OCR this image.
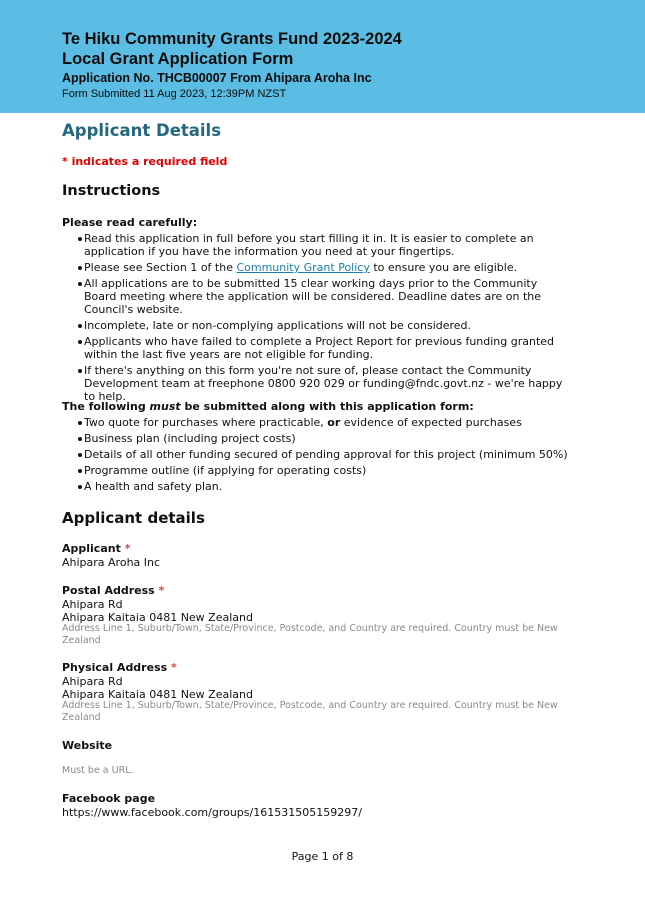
Te Hiku Community Grants Fund 2023-2024
Local Grant Application Form
Application No. THCB00007 From Ahipara Aroha Inc
Form Submitted 11 Aug 2023, 12:39PM NZST
Applicant Details
* indicates a required field
Instructions
Please read carefully:
Read this application in full before you start filling it in. It is easier to complete an application if you have the information you need at your fingertips.
Please see Section 1 of the Community Grant Policy to ensure you are eligible.
All applications are to be submitted 15 clear working days prior to the Community Board meeting where the application will be considered. Deadline dates are on the Council's website.
Incomplete, late or non-complying applications will not be considered.
Applicants who have failed to complete a Project Report for previous funding granted within the last five years are not eligible for funding.
If there's anything on this form you're not sure of, please contact the Community Development team at freephone 0800 920 029 or funding@fndc.govt.nz - we're happy to help.
The following must be submitted along with this application form:
Two quote for purchases where practicable, or evidence of expected purchases
Business plan (including project costs)
Details of all other funding secured of pending approval for this project (minimum 50%)
Programme outline (if applying for operating costs)
A health and safety plan.
Applicant details
Applicant *
Ahipara Aroha Inc
Postal Address *
Ahipara Rd
Ahipara Kaitaia 0481 New Zealand
Address Line 1, Suburb/Town, State/Province, Postcode, and Country are required. Country must be New Zealand
Physical Address *
Ahipara Rd
Ahipara Kaitaia 0481 New Zealand
Address Line 1, Suburb/Town, State/Province, Postcode, and Country are required. Country must be New Zealand
Website
Must be a URL.
Facebook page
https://www.facebook.com/groups/161531505159297/
Page 1 of 8
